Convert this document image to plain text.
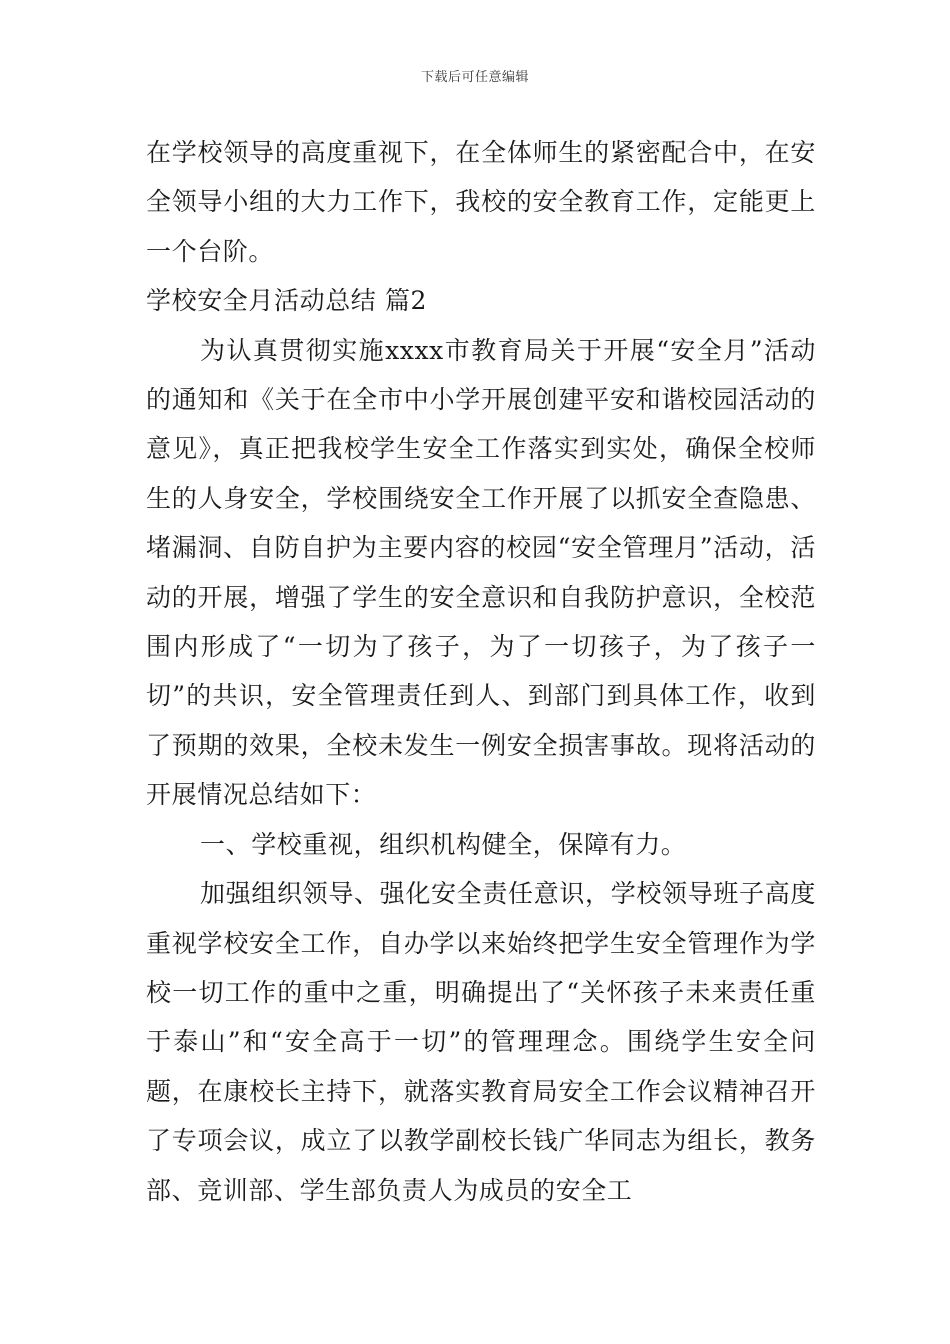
下载后可任意编辑

在学校领导的高度重视下，在全体师生的紧密配合中，在安全领导小组的大力工作下，我校的安全教育工作，定能更上一个台阶。

学校安全月活动总结 篇2

为认真贯彻实施xxxx市教育局关于开展“安全月”活动的通知和《关于在全市中小学开展创建平安和谐校园活动的意见》，真正把我校学生安全工作落实到实处，确保全校师生的人身安全，学校围绕安全工作开展了以抓安全查隐患、堵漏洞、自防自护为主要内容的校园“安全管理月”活动，活动的开展，增强了学生的安全意识和自我防护意识，全校范围内形成了“一切为了孩子，为了一切孩子，为了孩子一切”的共识，安全管理责任到人、到部门到具体工作，收到了预期的效果，全校未发生一例安全损害事故。现将活动的开展情况总结如下：

一、学校重视，组织机构健全，保障有力。

加强组织领导、强化安全责任意识，学校领导班子高度重视学校安全工作，自办学以来始终把学生安全管理作为学校一切工作的重中之重，明确提出了“关怀孩子未来责任重于泰山”和“安全高于一切”的管理理念。围绕学生安全问题，在康校长主持下，就落实教育局安全工作会议精神召开了专项会议，成立了以教学副校长钱广华同志为组长，教务部、竞训部、学生部负责人为成员的安全工
